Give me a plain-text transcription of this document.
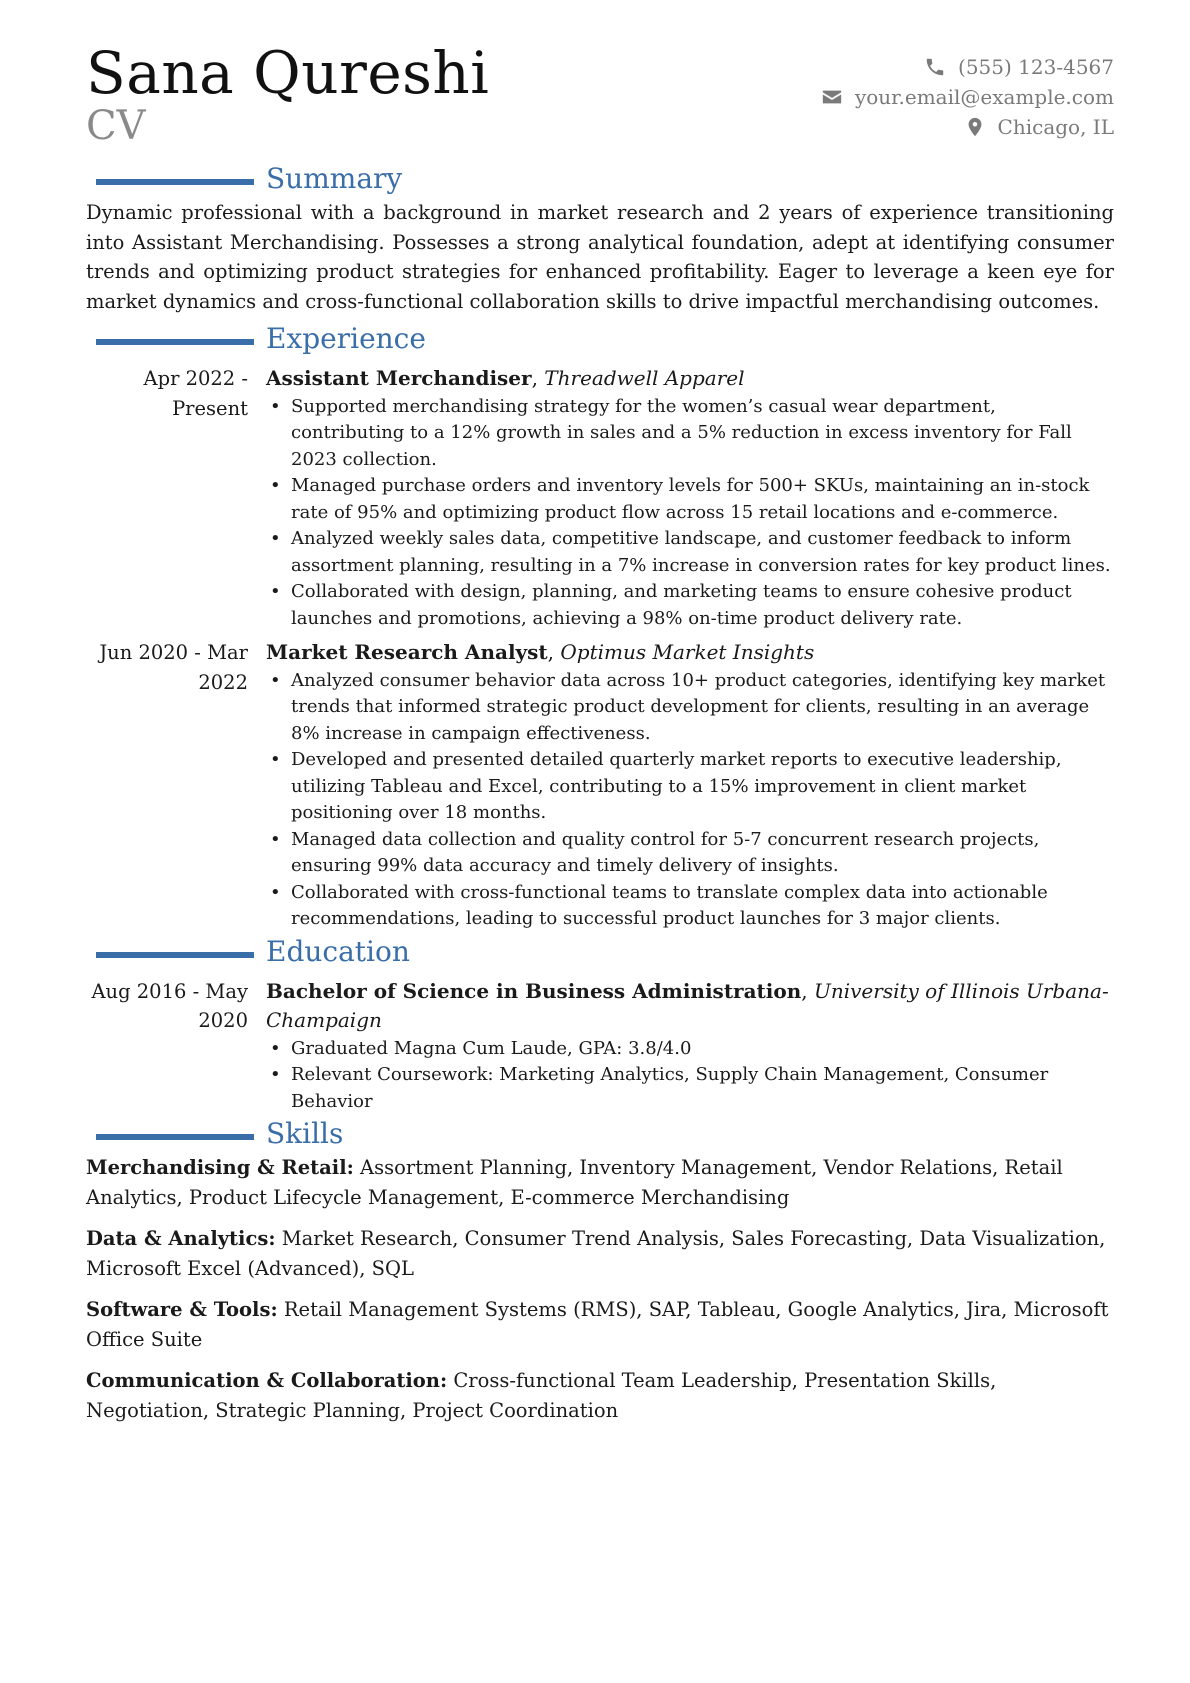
Sana Qureshi
CV
(555) 123-4567
your.email@example.com
Chicago, IL
Summary

Dynamic professional with a background in market research and 2 years of experience transitioning into Assistant Merchandising. Possesses a strong analytical foundation, adept at identifying consumer trends and optimizing product strategies for enhanced profitability. Eager to leverage a keen eye for market dynamics and cross-functional collaboration skills to drive impactful merchandising outcomes.

Experience
Apr 2022 - Present
Assistant Merchandiser, Threadwell Apparel
• Supported merchandising strategy for the women’s casual wear department, contributing to a 12% growth in sales and a 5% reduction in excess inventory for Fall 2023 collection.
• Managed purchase orders and inventory levels for 500+ SKUs, maintaining an in-stock rate of 95% and optimizing product flow across 15 retail locations and e-commerce.
• Analyzed weekly sales data, competitive landscape, and customer feedback to inform assortment planning, resulting in a 7% increase in conversion rates for key product lines.
• Collaborated with design, planning, and marketing teams to ensure cohesive product launches and promotions, achieving a 98% on-time product delivery rate.
Jun 2020 - Mar 2022
Market Research Analyst, Optimus Market Insights
• Analyzed consumer behavior data across 10+ product categories, identifying key market trends that informed strategic product development for clients, resulting in an average 8% increase in campaign effectiveness.
• Developed and presented detailed quarterly market reports to executive leadership, utilizing Tableau and Excel, contributing to a 15% improvement in client market positioning over 18 months.
• Managed data collection and quality control for 5-7 concurrent research projects, ensuring 99% data accuracy and timely delivery of insights.
• Collaborated with cross-functional teams to translate complex data into actionable recommendations, leading to successful product launches for 3 major clients.
Education
Aug 2016 - May 2020
Bachelor of Science in Business Administration, University of Illinois Urbana-Champaign
• Graduated Magna Cum Laude, GPA: 3.8/4.0
• Relevant Coursework: Marketing Analytics, Supply Chain Management, Consumer Behavior
Skills
Merchandising & Retail: Assortment Planning, Inventory Management, Vendor Relations, Retail Analytics, Product Lifecycle Management, E-commerce Merchandising
Data & Analytics: Market Research, Consumer Trend Analysis, Sales Forecasting, Data Visualization, Microsoft Excel (Advanced), SQL
Software & Tools: Retail Management Systems (RMS), SAP, Tableau, Google Analytics, Jira, Microsoft Office Suite
Communication & Collaboration: Cross-functional Team Leadership, Presentation Skills, Negotiation, Strategic Planning, Project Coordination
